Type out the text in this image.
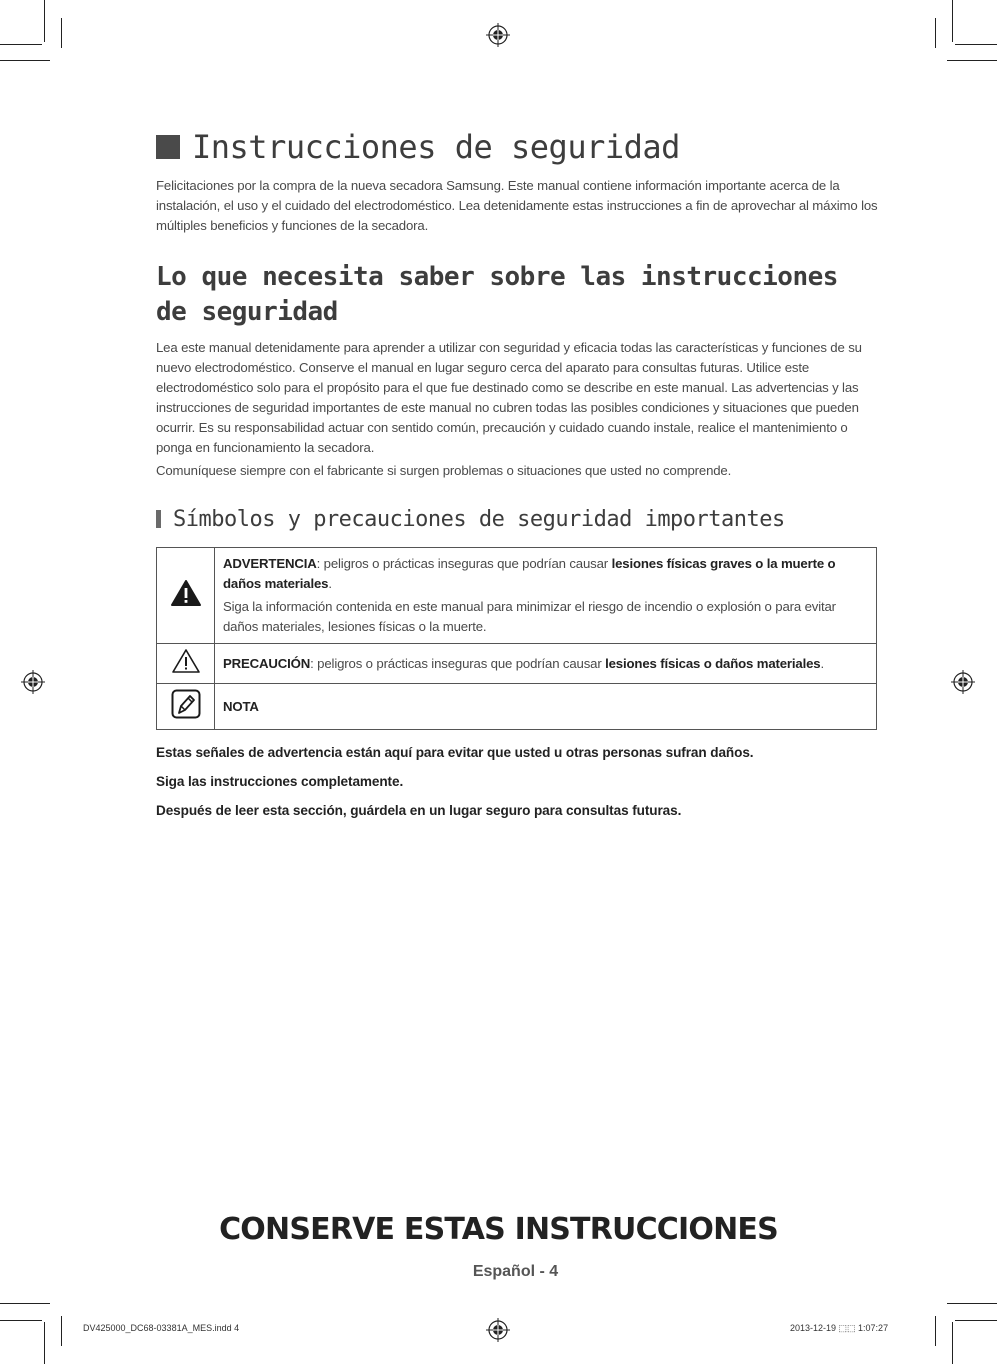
Instrucciones de seguridad

Felicitaciones por la compra de la nueva secadora Samsung. Este manual contiene información importante acerca de la instalación, el uso y el cuidado del electrodoméstico. Lea detenidamente estas instrucciones a fin de aprovechar al máximo los múltiples beneficios y funciones de la secadora.

Lo que necesita saber sobre las instrucciones de seguridad

Lea este manual detenidamente para aprender a utilizar con seguridad y eficacia todas las características y funciones de su nuevo electrodoméstico. Conserve el manual en lugar seguro cerca del aparato para consultas futuras. Utilice este electrodoméstico solo para el propósito para el que fue destinado como se describe en este manual. Las advertencias y las instrucciones de seguridad importantes de este manual no cubren todas las posibles condiciones y situaciones que pueden ocurrir. Es su responsabilidad actuar con sentido común, precaución y cuidado cuando instale, realice el mantenimiento o ponga en funcionamiento la secadora.

Comuníquese siempre con el fabricante si surgen problemas o situaciones que usted no comprende.

Símbolos y precauciones de seguridad importantes

ADVERTENCIA: peligros o prácticas inseguras que podrían causar lesiones físicas graves o la muerte o daños materiales.
Siga la información contenida en este manual para minimizar el riesgo de incendio o explosión o para evitar daños materiales, lesiones físicas o la muerte.

	PRECAUCIÓN: peligros o prácticas inseguras que podrían causar lesiones físicas o daños materiales.
	NOTA

Estas señales de advertencia están aquí para evitar que usted u otras personas sufran daños.

Siga las instrucciones completamente.

Después de leer esta sección, guárdela en un lugar seguro para consultas futuras.

CONSERVE ESTAS INSTRUCCIONES
Español - 4
DV425000_DC68-03381A_MES.indd 4	2013-12-19 ⬚⬚ 1:07:27
